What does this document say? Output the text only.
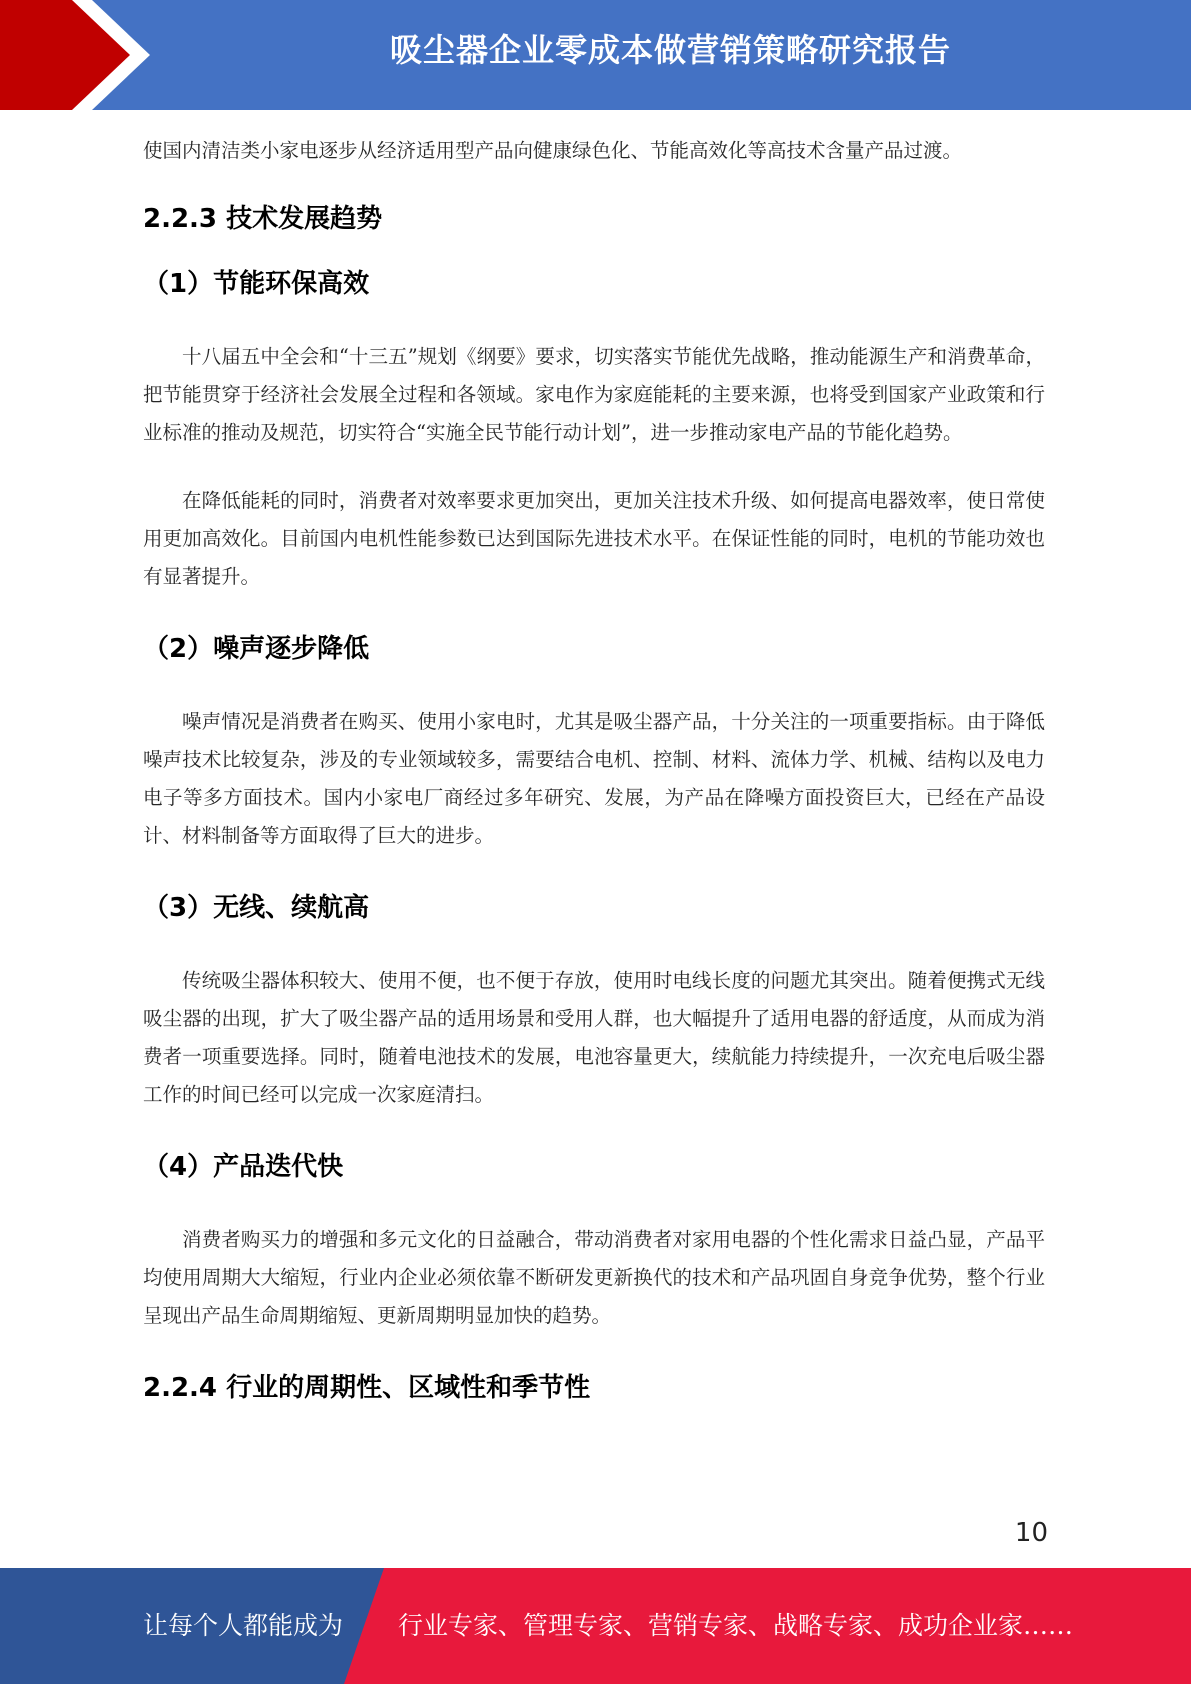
吸尘器企业零成本做营销策略研究报告

使国内清洁类小家电逐步从经济适用型产品向健康绿色化、节能高效化等高技术含量产品过渡。

2.2.3 技术发展趋势
（1）节能环保高效

十八届五中全会和“十三五”规划《纲要》要求，切实落实节能优先战略，推动能源生产和消费革命，把节能贯穿于经济社会发展全过程和各领域。家电作为家庭能耗的主要来源，也将受到国家产业政策和行业标准的推动及规范，切实符合“实施全民节能行动计划”，进一步推动家电产品的节能化趋势。

在降低能耗的同时，消费者对效率要求更加突出，更加关注技术升级、如何提高电器效率，使日常使用更加高效化。目前国内电机性能参数已达到国际先进技术水平。在保证性能的同时，电机的节能功效也有显著提升。

（2）噪声逐步降低

噪声情况是消费者在购买、使用小家电时，尤其是吸尘器产品，十分关注的一项重要指标。由于降低噪声技术比较复杂，涉及的专业领域较多，需要结合电机、控制、材料、流体力学、机械、结构以及电力电子等多方面技术。国内小家电厂商经过多年研究、发展，为产品在降噪方面投资巨大，已经在产品设计、材料制备等方面取得了巨大的进步。

（3）无线、续航高

传统吸尘器体积较大、使用不便，也不便于存放，使用时电线长度的问题尤其突出。随着便携式无线吸尘器的出现，扩大了吸尘器产品的适用场景和受用人群，也大幅提升了适用电器的舒适度，从而成为消费者一项重要选择。同时，随着电池技术的发展，电池容量更大，续航能力持续提升，一次充电后吸尘器工作的时间已经可以完成一次家庭清扫。

（4）产品迭代快

消费者购买力的增强和多元文化的日益融合，带动消费者对家用电器的个性化需求日益凸显，产品平均使用周期大大缩短，行业内企业必须依靠不断研发更新换代的技术和产品巩固自身竞争优势，整个行业呈现出产品生命周期缩短、更新周期明显加快的趋势。

2.2.4 行业的周期性、区域性和季节性
10
让每个人都能成为 行业专家、管理专家、营销专家、战略专家、成功企业家……
